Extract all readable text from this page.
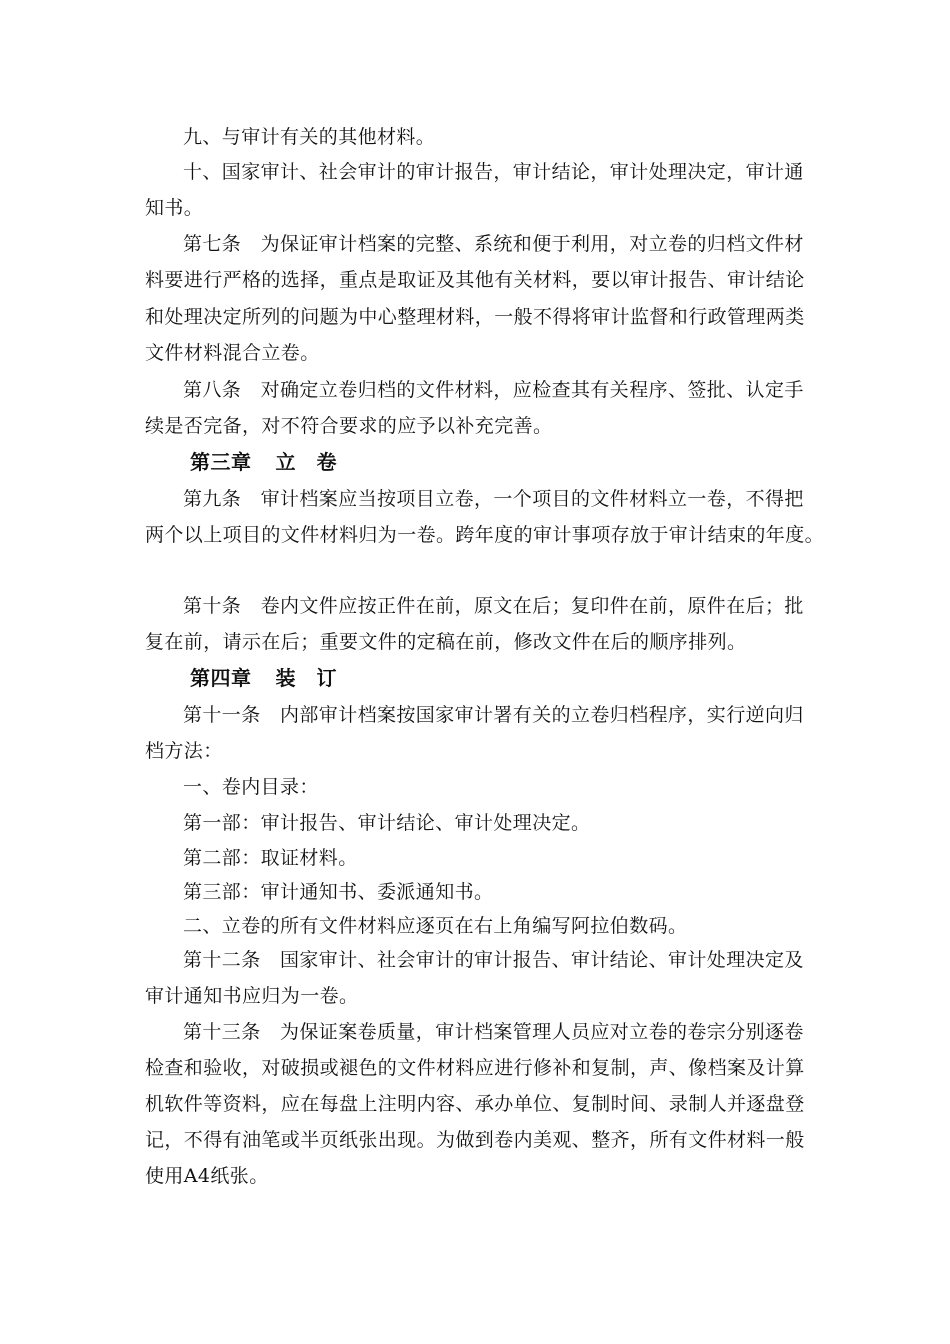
九、与审计有关的其他材料。
十、国家审计、社会审计的审计报告，审计结论，审计处理决定，审计通
知书。
第七条　为保证审计档案的完整、系统和便于利用，对立卷的归档文件材
料要进行严格的选择，重点是取证及其他有关材料，要以审计报告、审计结论
和处理决定所列的问题为中心整理材料，一般不得将审计监督和行政管理两类
文件材料混合立卷。
第八条　对确定立卷归档的文件材料，应检查其有关程序、签批、认定手
续是否完备，对不符合要求的应予以补充完善。
第三章 立　卷
第九条　审计档案应当按项目立卷，一个项目的文件材料立一卷，不得把
两个以上项目的文件材料归为一卷。跨年度的审计事项存放于审计结束的年度。
第十条　卷内文件应按正件在前，原文在后；复印件在前，原件在后；批
复在前，请示在后；重要文件的定稿在前，修改文件在后的顺序排列。
第四章 装　订
第十一条　内部审计档案按国家审计署有关的立卷归档程序，实行逆向归
档方法：
一、卷内目录：
第一部：审计报告、审计结论、审计处理决定。
第二部：取证材料。
第三部：审计通知书、委派通知书。
二、立卷的所有文件材料应逐页在右上角编写阿拉伯数码。
第十二条　国家审计、社会审计的审计报告、审计结论、审计处理决定及
审计通知书应归为一卷。
第十三条　为保证案卷质量，审计档案管理人员应对立卷的卷宗分别逐卷
检查和验收，对破损或褪色的文件材料应进行修补和复制，声、像档案及计算
机软件等资料，应在每盘上注明内容、承办单位、复制时间、录制人并逐盘登
记，不得有油笔或半页纸张出现。为做到卷内美观、整齐，所有文件材料一般
使用A4纸张。
